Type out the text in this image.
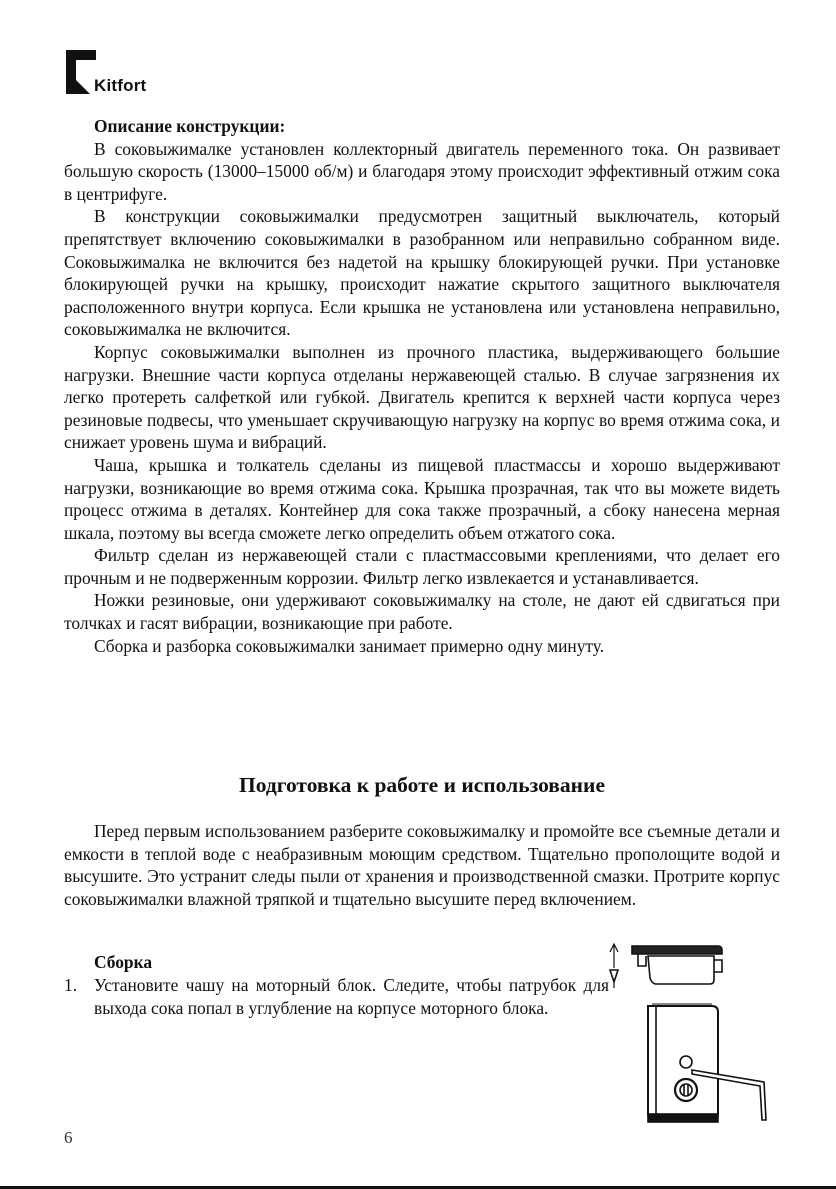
Kitfort
Описание конструкции:

В соковыжималке установлен коллекторный двигатель переменного тока. Он развивает большую скорость (13000–15000 об/м) и благодаря этому происходит эффективный отжим сока в центрифуге.

В конструкции соковыжималки предусмотрен защитный выключатель, который препятствует включению соковыжималки в разобранном или неправильно собранном виде. Соковыжималка не включится без надетой на крышку блокирующей ручки. При установке блокирующей ручки на крышку, происходит нажатие скрытого защитного выключателя расположенного внутри корпуса. Если крышка не установлена или установлена неправильно, соковыжималка не включится.

Корпус соковыжималки выполнен из прочного пластика, выдерживающего большие нагрузки. Внешние части корпуса отделаны нержавеющей сталью. В случае загрязнения их легко протереть салфеткой или губкой. Двигатель крепится к верхней части корпуса через резиновые подвесы, что уменьшает скручивающую нагрузку на корпус во время отжима сока, и снижает уровень шума и вибраций.

Чаша, крышка и толкатель сделаны из пищевой пластмассы и хорошо выдерживают нагрузки, возникающие во время отжима сока. Крышка прозрачная, так что вы можете видеть процесс отжима в деталях. Контейнер для сока также прозрачный, а сбоку нанесена мерная шкала, поэтому вы всегда сможете легко определить объем отжатого сока.

Фильтр сделан из нержавеющей стали с пластмассовыми креплениями, что делает его прочным и не подверженным коррозии. Фильтр легко извлекается и устанавливается.

Ножки резиновые, они удерживают соковыжималку на столе, не дают ей сдвигаться при толчках и гасят вибрации, возникающие при работе.

Сборка и разборка соковыжималки занимает примерно одну минуту.

Подготовка к работе и использование

Перед первым использованием разберите соковыжималку и промойте все съемные детали и емкости в теплой воде с неабразивным моющим средством. Тщательно прополощите водой и высушите. Это устранит следы пыли от хранения и производственной смазки. Протрите корпус соковыжималки влажной тряпкой и тщательно высушите перед включением.

Сборка
1. Установите чашу на моторный блок. Следите, чтобы патрубок для выхода сока попал в углубление на корпусе моторного блока.
6
